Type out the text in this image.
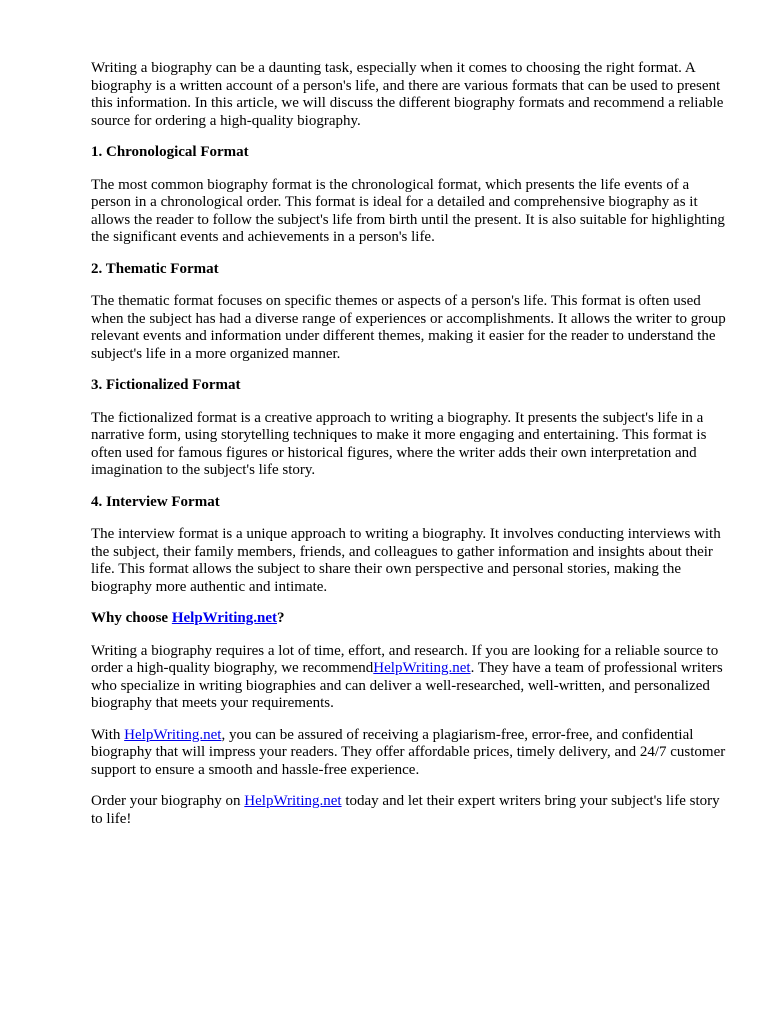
Writing a biography can be a daunting task, especially when it comes to choosing the right format. A biography is a written account of a person's life, and there are various formats that can be used to present this information. In this article, we will discuss the different biography formats and recommend a reliable source for ordering a high-quality biography.

1. Chronological Format

The most common biography format is the chronological format, which presents the life events of a person in a chronological order. This format is ideal for a detailed and comprehensive biography as it allows the reader to follow the subject's life from birth until the present. It is also suitable for highlighting the significant events and achievements in a person's life.

2. Thematic Format

The thematic format focuses on specific themes or aspects of a person's life. This format is often used when the subject has had a diverse range of experiences or accomplishments. It allows the writer to group relevant events and information under different themes, making it easier for the reader to understand the subject's life in a more organized manner.

3. Fictionalized Format

The fictionalized format is a creative approach to writing a biography. It presents the subject's life in a narrative form, using storytelling techniques to make it more engaging and entertaining. This format is often used for famous figures or historical figures, where the writer adds their own interpretation and imagination to the subject's life story.

4. Interview Format

The interview format is a unique approach to writing a biography. It involves conducting interviews with the subject, their family members, friends, and colleagues to gather information and insights about their life. This format allows the subject to share their own perspective and personal stories, making the biography more authentic and intimate.

Why choose HelpWriting.net?

Writing a biography requires a lot of time, effort, and research. If you are looking for a reliable source to order a high-quality biography, we recommendHelpWriting.net. They have a team of professional writers who specialize in writing biographies and can deliver a well-researched, well-written, and personalized biography that meets your requirements.

With HelpWriting.net, you can be assured of receiving a plagiarism-free, error-free, and confidential biography that will impress your readers. They offer affordable prices, timely delivery, and 24/7 customer support to ensure a smooth and hassle-free experience.

Order your biography on HelpWriting.net today and let their expert writers bring your subject's life story to life!
